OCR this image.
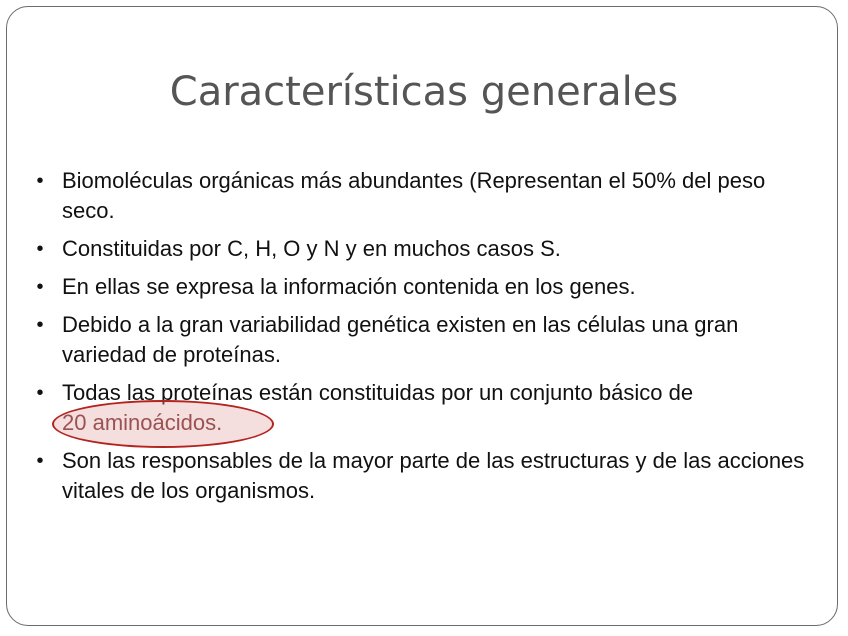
Características generales
• Biomoléculas orgánicas más abundantes (Representan el 50% del peso seco.
• Constituidas por C, H, O y N y en muchos casos S.
• En ellas se expresa la información contenida en los genes.
• Debido a la gran variabilidad genética existen en las células una gran variedad de proteínas.
• Todas las proteínas están constituidas por un conjunto básico de
20 aminoácidos.
• Son las responsables de la mayor parte de las estructuras y de las acciones vitales de los organismos.
